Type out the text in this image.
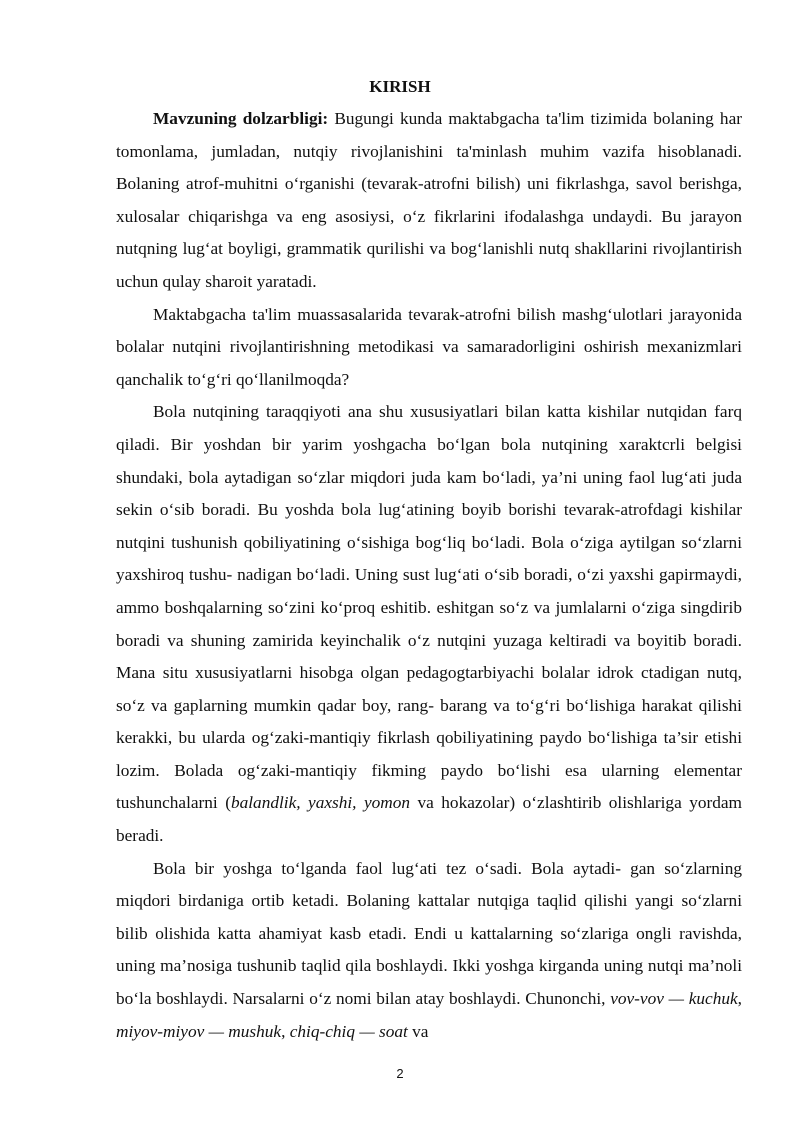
KIRISH

Mavzuning dolzarbligi: Bugungi kunda maktabgacha ta'lim tizimida bolaning har tomonlama, jumladan, nutqiy rivojlanishini ta'minlash muhim vazifa hisoblanadi. Bolaning atrof-muhitni oʻrganishi (tevarak-atrofni bilish) uni fikrlashga, savol berishga, xulosalar chiqarishga va eng asosiysi, oʻz fikrlarini ifodalashga undaydi. Bu jarayon nutqning lugʻat boyligi, grammatik qurilishi va bogʻlanishli nutq shakllarini rivojlantirish uchun qulay sharoit yaratadi.

Maktabgacha ta'lim muassasalarida tevarak-atrofni bilish mashgʻulotlari jarayonida bolalar nutqini rivojlantirishning metodikasi va samaradorligini oshirish mexanizmlari qanchalik toʻgʻri qoʻllanilmoqda?

Bola nutqining taraqqiyoti ana shu xususiyatlari bilan katta kishilar nutqidan farq qiladi. Bir yoshdan bir yarim yoshgacha boʻlgan bola nutqining xaraktcrli belgisi shundaki, bola aytadigan soʻzlar miqdori juda kam boʻladi, ya’ni uning faol lugʻati juda sekin oʻsib boradi. Bu yoshda bola lugʻatining boyib borishi tevarak-atrofdagi kishilar nutqini tushunish qobiliyatining oʻsishiga bogʻliq boʻladi. Bola oʻziga aytilgan soʻzlarni yaxshiroq tushu- nadigan boʻladi. Uning sust lugʻati oʻsib boradi, oʻzi yaxshi gapirmaydi, ammo boshqalarning soʻzini koʻproq eshitib. eshitgan soʻz va jumlalarni oʻziga singdirib boradi va shuning zamirida keyinchalik oʻz nutqini yuzaga keltiradi va boyitib boradi. Mana situ xususiyatlarni hisobga olgan pedagogtarbiyachi bolalar idrok ctadigan nutq, soʻz va gaplarning mumkin qadar boy, rang- barang va toʻgʻri boʻlishiga harakat qilishi kerakki, bu ularda ogʻzaki-mantiqiy fikrlash qobiliyatining paydo boʻlishiga ta’sir etishi lozim. Bolada ogʻzaki-mantiqiy fikming paydo boʻlishi esa ularning elementar tushunchalarni (balandlik, yaxshi, yomon va hokazolar) oʻzlashtirib olishlariga yordam beradi.

Bola bir yoshga toʻlganda faol lugʻati tez oʻsadi. Bola aytadi- gan soʻzlarning miqdori birdaniga ortib ketadi. Bolaning kattalar nutqiga taqlid qilishi yangi soʻzlarni bilib olishida katta ahamiyat kasb etadi. Endi u kattalarning soʻzlariga ongli ravishda, uning ma’nosiga tushunib taqlid qila boshlaydi. Ikki yoshga kirganda uning nutqi ma’noli boʻla boshlaydi. Narsalarni oʻz nomi bilan atay boshlaydi. Chunonchi, vov-vov — kuchuk, miyov-miyov — mushuk, chiq-chiq — soat va

2
